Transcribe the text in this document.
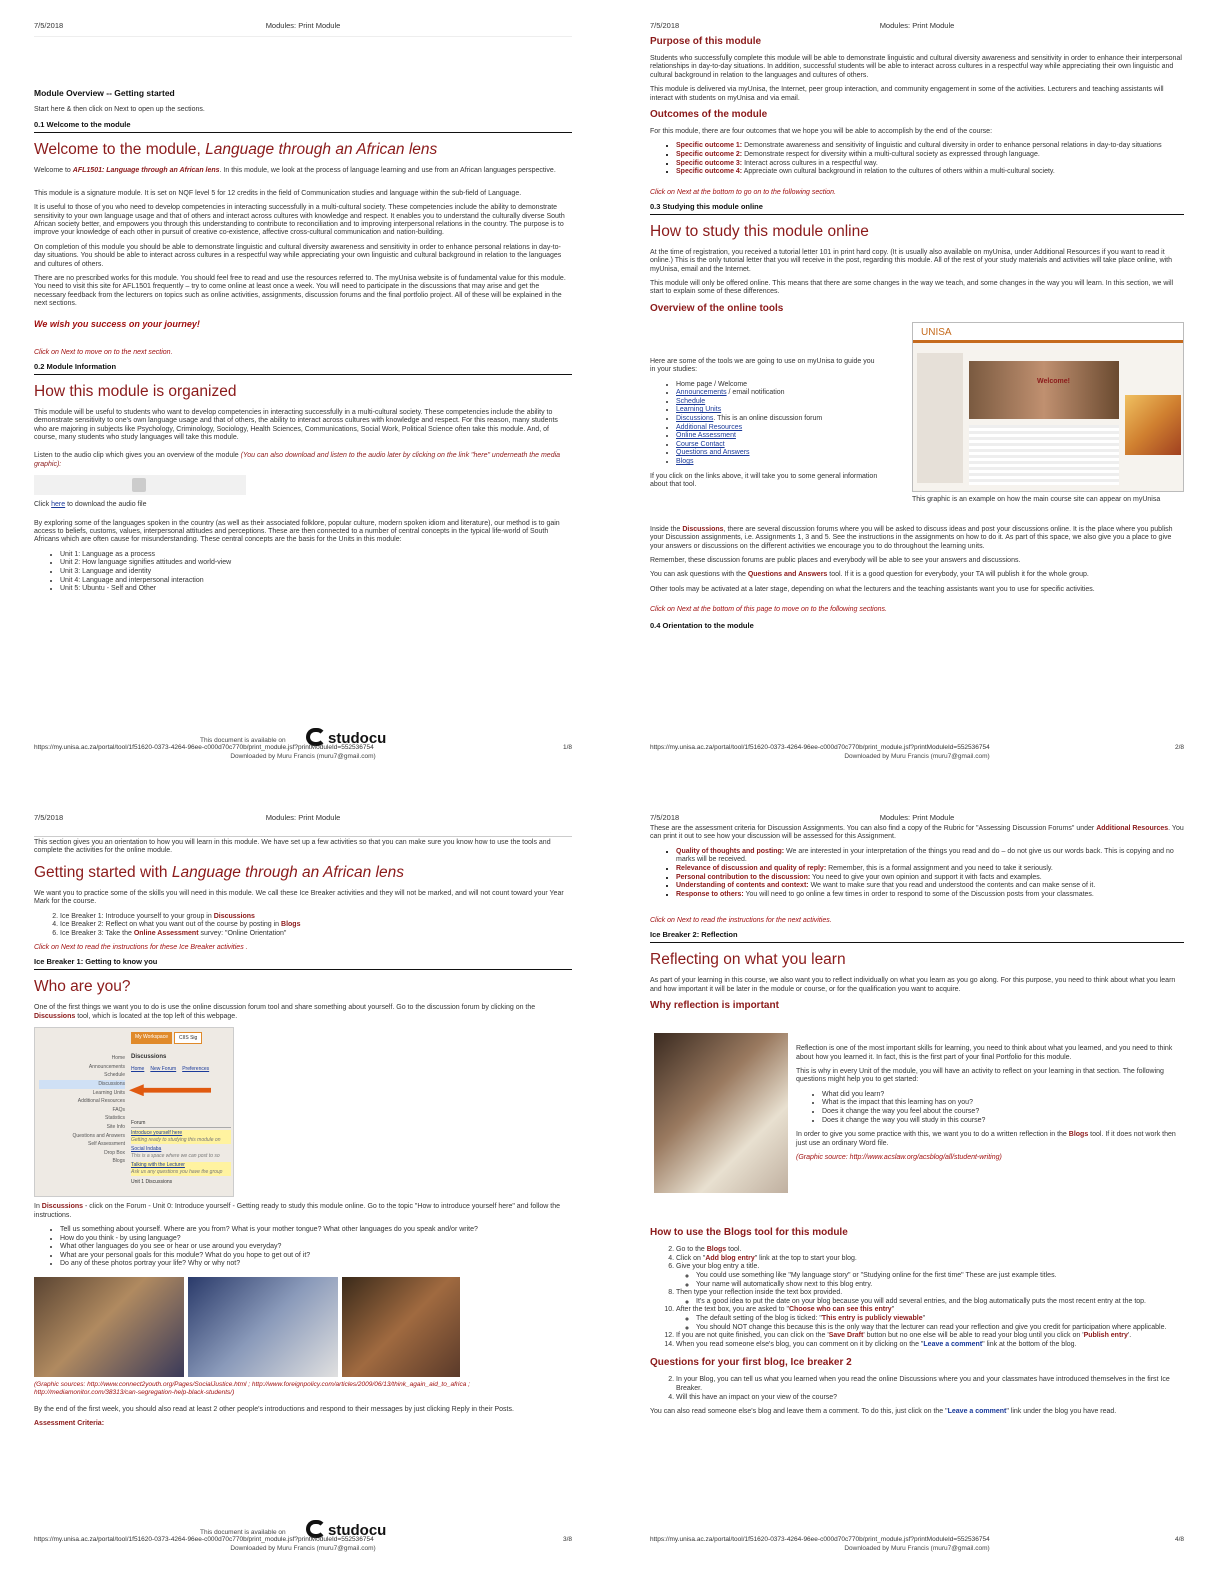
7/5/2018	Modules: Print Module
Module Overview -- Getting started

Start here & then click on Next to open up the sections.

0.1 Welcome to the module
Welcome to the module, Language through an African lens

Welcome to AFL1501: Language through an African lens. In this module, we look at the process of language learning and use from an African languages perspective.

This module is a signature module. It is set on NQF level 5 for 12 credits in the field of Communication studies and language within the sub-field of Language.

It is useful to those of you who need to develop competencies in interacting successfully in a multi-cultural society. These competencies include the ability to demonstrate sensitivity to your own language usage and that of others and interact across cultures with knowledge and respect. It enables you to understand the culturally diverse South African society better, and empowers you through this understanding to contribute to reconciliation and to improving interpersonal relations in the country. The purpose is to improve your knowledge of each other in pursuit of creative co-existence, affective cross-cultural communication and nation-building.

On completion of this module you should be able to demonstrate linguistic and cultural diversity awareness and sensitivity in order to enhance personal relations in day-to-day situations. You should be able to interact across cultures in a respectful way while appreciating your own linguistic and cultural background in relation to the languages and cultures of others.

There are no prescribed works for this module. You should feel free to read and use the resources referred to. The myUnisa website is of fundamental value for this module. You need to visit this site for AFL1501 frequently – try to come online at least once a week. You will need to participate in the discussions that may arise and get the necessary feedback from the lecturers on topics such as online activities, assignments, discussion forums and the final portfolio project. All of these will be explained in the next sections.

We wish you success on your journey!
Click on Next to move on to the next section.
0.2 Module Information
How this module is organized

This module will be useful to students who want to develop competencies in interacting successfully in a multi-cultural society. These competencies include the ability to demonstrate sensitivity to one's own language usage and that of others, the ability to interact across cultures with knowledge and respect. For this reason, many students who are majoring in subjects like Psychology, Criminology, Sociology, Health Sciences, Communications, Social Work, Political Science often take this module. And, of course, many students who study languages will take this module.

Listen to the audio clip which gives you an overview of the module (You can also download and listen to the audio later by clicking on the link "here" underneath the media graphic):

Click here to download the audio file

By exploring some of the languages spoken in the country (as well as their associated folklore, popular culture, modern spoken idiom and literature), our method is to gain access to beliefs, customs, values, interpersonal attitudes and perceptions. These are then connected to a number of central concepts in the typical life-world of South Africans which are often cause for misunderstanding. These central concepts are the basis for the Units in this module:

• Unit 1: Language as a process
• Unit 2: How language signifies attitudes and world-view
• Unit 3: Language and identity
• Unit 4: Language and interpersonal interaction
• Unit 5: Ubuntu - Self and Other
This document is available on	studocu
https://my.unisa.ac.za/portal/tool/1f51620-0373-4264-96ee-c000d70c770b/print_module.jsf?printModuleId=552536754	1/8
Downloaded by Muru Francis (muru7@gmail.com)
7/5/2018	Modules: Print Module
Purpose of this module

Students who successfully complete this module will be able to demonstrate linguistic and cultural diversity awareness and sensitivity in order to enhance their interpersonal relationships in day-to-day situations. In addition, successful students will be able to interact across cultures in a respectful way while appreciating their own linguistic and cultural background in relation to the languages and cultures of others.

This module is delivered via myUnisa, the Internet, peer group interaction, and community engagement in some of the activities. Lecturers and teaching assistants will interact with students on myUnisa and via email.

Outcomes of the module

For this module, there are four outcomes that we hope you will be able to accomplish by the end of the course:

▪ Specific outcome 1: Demonstrate awareness and sensitivity of linguistic and cultural diversity in order to enhance personal relations in day-to-day situations
▪ Specific outcome 2: Demonstrate respect for diversity within a multi-cultural society as expressed through language.
▪ Specific outcome 3: Interact across cultures in a respectful way.
▪ Specific outcome 4: Appreciate own cultural background in relation to the cultures of others within a multi-cultural society.
Click on Next at the bottom to go on to the following section.
0.3 Studying this module online
How to study this module online

At the time of registration, you received a tutorial letter 101 in print hard copy. (It is usually also available on myUnisa, under Additional Resources if you want to read it online.) This is the only tutorial letter that you will receive in the post, regarding this module. All of the rest of your study materials and activities will take place online, with myUnisa, email and the Internet.

This module will only be offered online. This means that there are some changes in the way we teach, and some changes in the way you will learn. In this section, we will start to explain some of these differences.

Overview of the online tools

Here are some of the tools we are going to use on myUnisa to guide you in your studies:

• Home page / Welcome
• Announcements / email notification
• Schedule
• Learning Units
• Discussions. This is an online discussion forum
• Additional Resources
• Online Assessment
• Course Contact
• Questions and Answers
• Blogs

If you click on the links above, it will take you to some general information about that tool.

UNISA
Welcome!
This graphic is an example on how the main course site can appear on myUnisa

Inside the Discussions, there are several discussion forums where you will be asked to discuss ideas and post your discussions online. It is the place where you publish your Discussion assignments, i.e. Assignments 1, 3 and 5. See the instructions in the assignments on how to do it. As part of this space, we also give you a place to give your answers or discussions on the different activities we encourage you to do throughout the learning units.

Remember, these discussion forums are public places and everybody will be able to see your answers and discussions.

You can ask questions with the Questions and Answers tool. If it is a good question for everybody, your TA will publish it for the whole group.

Other tools may be activated at a later stage, depending on what the lecturers and the teaching assistants want you to use for specific activities.

Click on Next at the bottom of this page to move on to the following sections.
0.4 Orientation to the module
https://my.unisa.ac.za/portal/tool/1f51620-0373-4264-96ee-c000d70c770b/print_module.jsf?printModuleId=552536754	2/8
Downloaded by Muru Francis (muru7@gmail.com)
7/5/2018	Modules: Print Module

This section gives you an orientation to how you will learn in this module. We have set up a few activities so that you can make sure you know how to use the tools and complete the activities for the online module.

Getting started with Language through an African lens

We want you to practice some of the skills you will need in this module. We call these Ice Breaker activities and they will not be marked, and will not count toward your Year Mark for the course.

2. Ice Breaker 1: Introduce yourself to your group in Discussions
4. Ice Breaker 2: Reflect on what you want out of the course by posting in Blogs
6. Ice Breaker 3: Take the Online Assessment survey: "Online Orientation"
Click on Next to read the instructions for these Ice Breaker activities .
Ice Breaker 1: Getting to know you
Who are you?

One of the first things we want you to do is use the online discussion forum tool and share something about yourself. Go to the discussion forum by clicking on the Discussions tool, which is located at the top left of this webpage.

My Workspace	CIIS Sig
Home
Announcements
Schedule
Discussions
Learning Units
Additional Resources
FAQs
Statistics
Site Info
Questions and Answers
Self Assessment
Drop Box
Blogs
Discussions
Home New Forum Preferences
Forum
Introduce yourself here
Getting ready to studying this module on
Social Indaba
This is a space where we can post to so
Talking with the Lecturer
Ask us any questions you have the group
Unit 1 Discussions

In Discussions - click on the Forum - Unit 0: Introduce yourself - Getting ready to study this module online. Go to the topic "How to introduce yourself here" and follow the instructions.

• Tell us something about yourself. Where are you from? What is your mother tongue? What other languages do you speak and/or write?
• How do you think - by using language?
• What other languages do you see or hear or use around you everyday?
• What are your personal goals for this module? What do you hope to get out of it?
• Do any of these photos portray your life? Why or why not?

(Graphic sources: http://www.connect2youth.org/Pages/SocialJustice.html ; http://www.foreignpolicy.com/articles/2009/06/13/think_again_aid_to_africa ; http://mediamonitor.com/38313/can-segregation-help-black-students/)

By the end of the first week, you should also read at least 2 other people's introductions and respond to their messages by just clicking Reply in their Posts.

Assessment Criteria:
This document is available on	studocu
https://my.unisa.ac.za/portal/tool/1f51620-0373-4264-96ee-c000d70c770b/print_module.jsf?printModuleId=552536754	3/8
Downloaded by Muru Francis (muru7@gmail.com)
7/5/2018	Modules: Print Module

These are the assessment criteria for Discussion Assignments. You can also find a copy of the Rubric for "Assessing Discussion Forums" under Additional Resources. You can print it out to see how your discussion will be assessed for this Assignment.

▪ Quality of thoughts and posting: We are interested in your interpretation of the things you read and do – do not give us our words back. This is copying and no marks will be received.
▪ Relevance of discussion and quality of reply: Remember, this is a formal assignment and you need to take it seriously.
▪ Personal contribution to the discussion: You need to give your own opinion and support it with facts and examples.
▪ Understanding of contents and context: We want to make sure that you read and understood the contents and can make sense of it.
▪ Response to others: You will need to go online a few times in order to respond to some of the Discussion posts from your classmates.
Click on Next to read the instructions for the next activities.
Ice Breaker 2: Reflection
Reflecting on what you learn

As part of your learning in this course, we also want you to reflect individually on what you learn as you go along. For this purpose, you need to think about what you learn and how important it will be later in the module or course, or for the qualification you want to acquire.

Why reflection is important

Reflection is one of the most important skills for learning, you need to think about what you learned, and you need to think about how you learned it. In fact, this is the first part of your final Portfolio for this module.

This is why in every Unit of the module, you will have an activity to reflect on your learning in that section. The following questions might help you to get started:

• What did you learn?
• What is the impact that this learning has on you?
• Does it change the way you feel about the course?
• Does it change the way you will study in this course?

In order to give you some practice with this, we want you to do a written reflection in the Blogs tool. If it does not work then just use an ordinary Word file.

(Graphic source: http://www.acslaw.org/acsblog/all/student-writing)

How to use the Blogs tool for this module
2. Go to the Blogs tool.
4. Click on "Add blog entry" link at the top to start your blog.
6. Give your blog entry a title.
◦ You could use something like "My language story" or "Studying online for the first time" These are just example titles.
◦ Your name will automatically show next to this blog entry.
8. Then type your reflection inside the text box provided.
◦ It's a good idea to put the date on your blog because you will add several entries, and the blog automatically puts the most recent entry at the top.
10. After the text box, you are asked to "Choose who can see this entry"
◦ The default setting of the blog is ticked: "This entry is publicly viewable"
◦ You should NOT change this because this is the only way that the lecturer can read your reflection and give you credit for participation where applicable.
12. If you are not quite finished, you can click on the 'Save Draft' button but no one else will be able to read your blog until you click on 'Publish entry'.
14. When you read someone else's blog, you can comment on it by clicking on the "Leave a comment" link at the bottom of the blog.
Questions for your first blog, Ice breaker 2
2. In your Blog, you can tell us what you learned when you read the online Discussions where you and your classmates have introduced themselves in the first Ice Breaker.
4. Will this have an impact on your view of the course?

You can also read someone else's blog and leave them a comment. To do this, just click on the "Leave a comment" link under the blog you have read.

https://my.unisa.ac.za/portal/tool/1f51620-0373-4264-96ee-c000d70c770b/print_module.jsf?printModuleId=552536754	4/8
Downloaded by Muru Francis (muru7@gmail.com)
